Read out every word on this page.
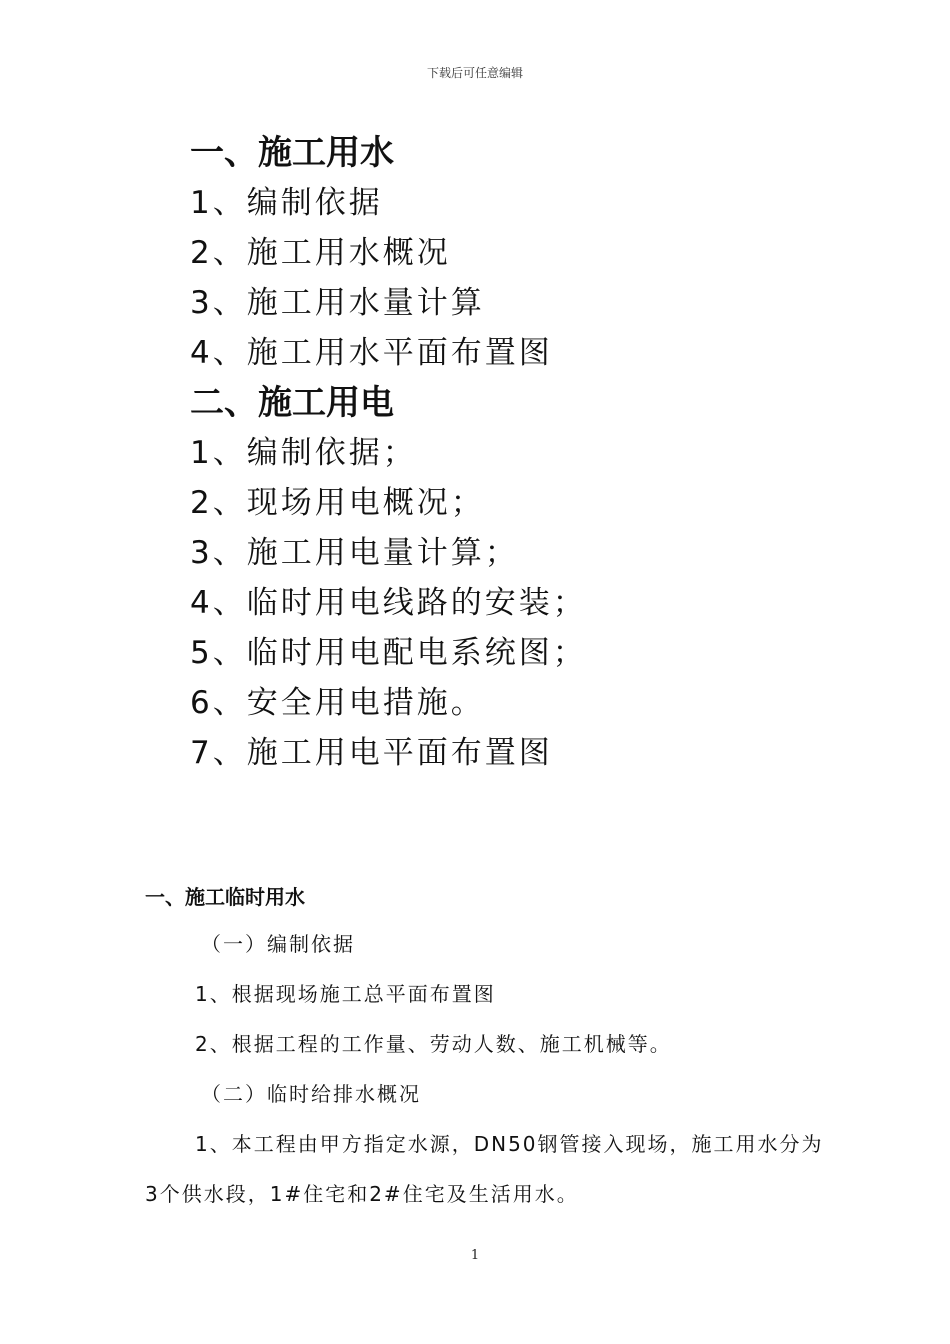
下载后可任意编辑
一、施工用水
1、编制依据
2、施工用水概况
3、施工用水量计算
4、施工用水平面布置图
二、施工用电
1、编制依据；
2、现场用电概况；
3、施工用电量计算；
4、临时用电线路的安装；
5、临时用电配电系统图；
6、安全用电措施。
7、施工用电平面布置图
一、施工临时用水
（一）编制依据
1、根据现场施工总平面布置图
2、根据工程的工作量、劳动人数、施工机械等。
（二）临时给排水概况
1、本工程由甲方指定水源，DN50钢管接入现场，施工用水分为3个供水段，1#住宅和2#住宅及生活用水。
1
